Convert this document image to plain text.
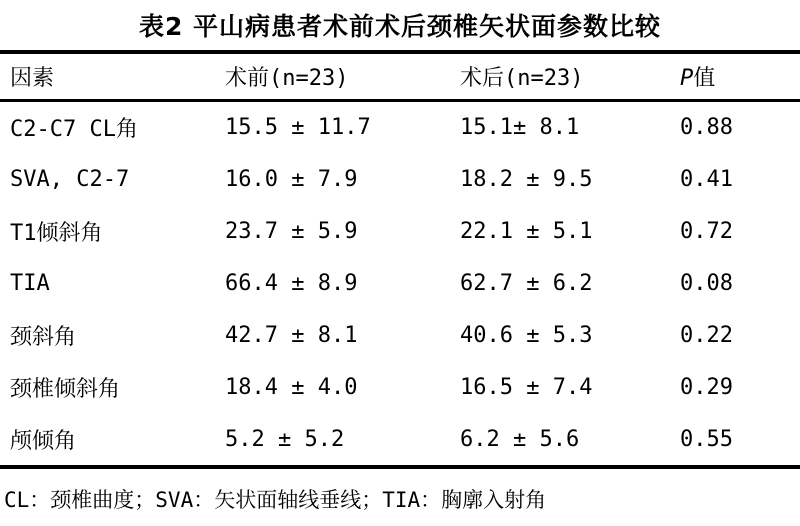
表2 平山病患者术前术后颈椎矢状面参数比较
因素	术前(n=23)	术后(n=23)	P值
C2-C7 CL角	15.5 ± 11.7	15.1± 8.1	0.88
SVA, C2-7	16.0 ± 7.9	18.2 ± 9.5	0.41
T1倾斜角	23.7 ± 5.9	22.1 ± 5.1	0.72
TIA	66.4 ± 8.9	62.7 ± 6.2	0.08
颈斜角	42.7 ± 8.1	40.6 ± 5.3	0.22
颈椎倾斜角	18.4 ± 4.0	16.5 ± 7.4	0.29
颅倾角	5.2 ± 5.2	6.2 ± 5.6	0.55
CL：颈椎曲度；SVA：矢状面轴线垂线；TIA：胸廓入射角
